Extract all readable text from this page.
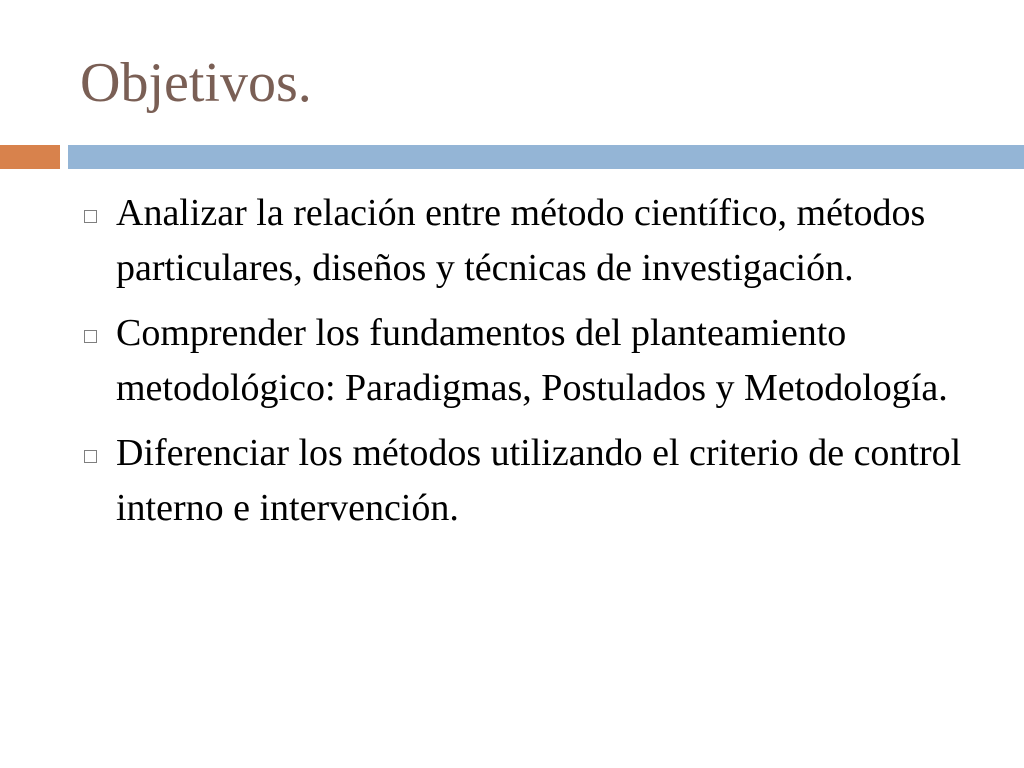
Objetivos.
Analizar la relación entre método científico, métodos particulares, diseños y técnicas de investigación.
Comprender los fundamentos del planteamiento metodológico: Paradigmas, Postulados y Metodología.
Diferenciar los métodos utilizando el criterio de control interno e intervención.
